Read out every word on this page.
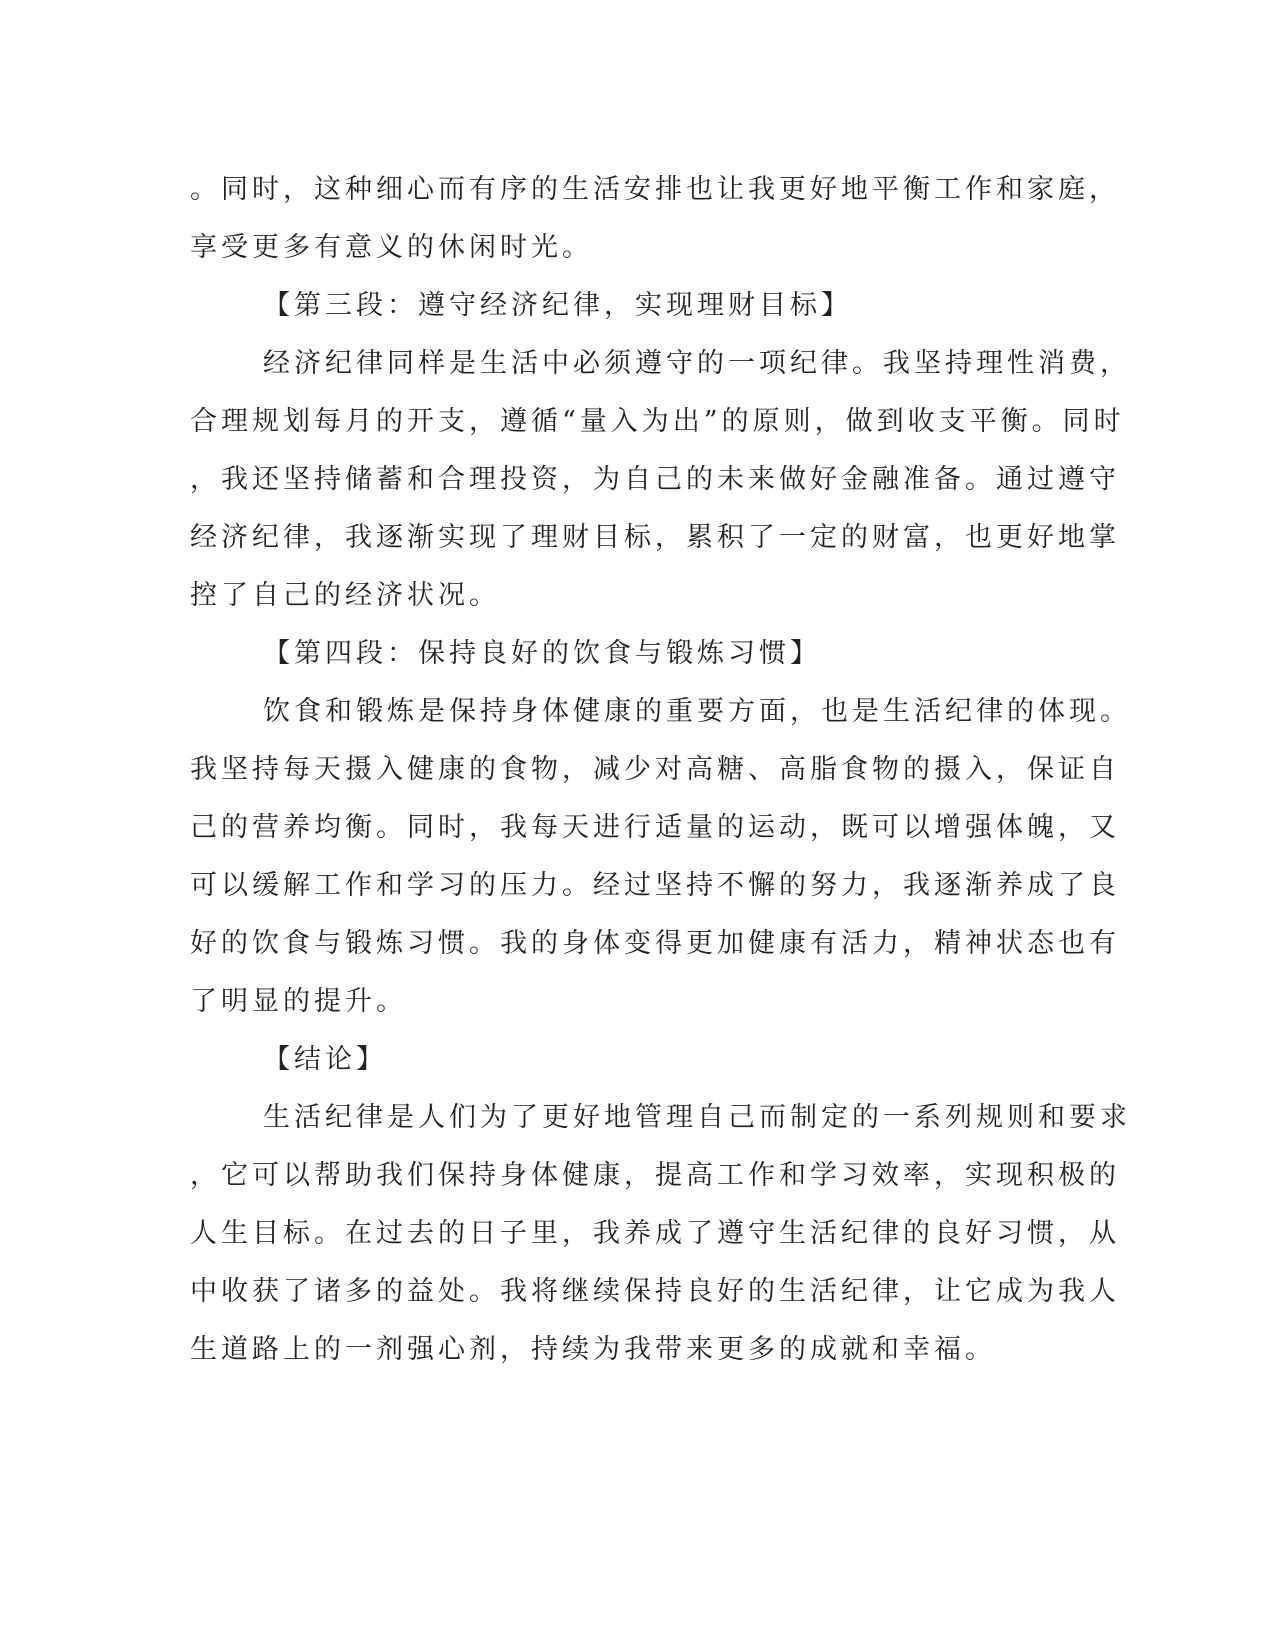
。同时，这种细心而有序的生活安排也让我更好地平衡工作和家庭，
享受更多有意义的休闲时光。
【第三段：遵守经济纪律，实现理财目标】
经济纪律同样是生活中必须遵守的一项纪律。我坚持理性消费，
合理规划每月的开支，遵循“量入为出”的原则，做到收支平衡。同时
，我还坚持储蓄和合理投资，为自己的未来做好金融准备。通过遵守
经济纪律，我逐渐实现了理财目标，累积了一定的财富，也更好地掌
控了自己的经济状况。
【第四段：保持良好的饮食与锻炼习惯】
饮食和锻炼是保持身体健康的重要方面，也是生活纪律的体现。
我坚持每天摄入健康的食物，减少对高糖、高脂食物的摄入，保证自
己的营养均衡。同时，我每天进行适量的运动，既可以增强体魄，又
可以缓解工作和学习的压力。经过坚持不懈的努力，我逐渐养成了良
好的饮食与锻炼习惯。我的身体变得更加健康有活力，精神状态也有
了明显的提升。
【结论】
生活纪律是人们为了更好地管理自己而制定的一系列规则和要求
，它可以帮助我们保持身体健康，提高工作和学习效率，实现积极的
人生目标。在过去的日子里，我养成了遵守生活纪律的良好习惯，从
中收获了诸多的益处。我将继续保持良好的生活纪律，让它成为我人
生道路上的一剂强心剂，持续为我带来更多的成就和幸福。
